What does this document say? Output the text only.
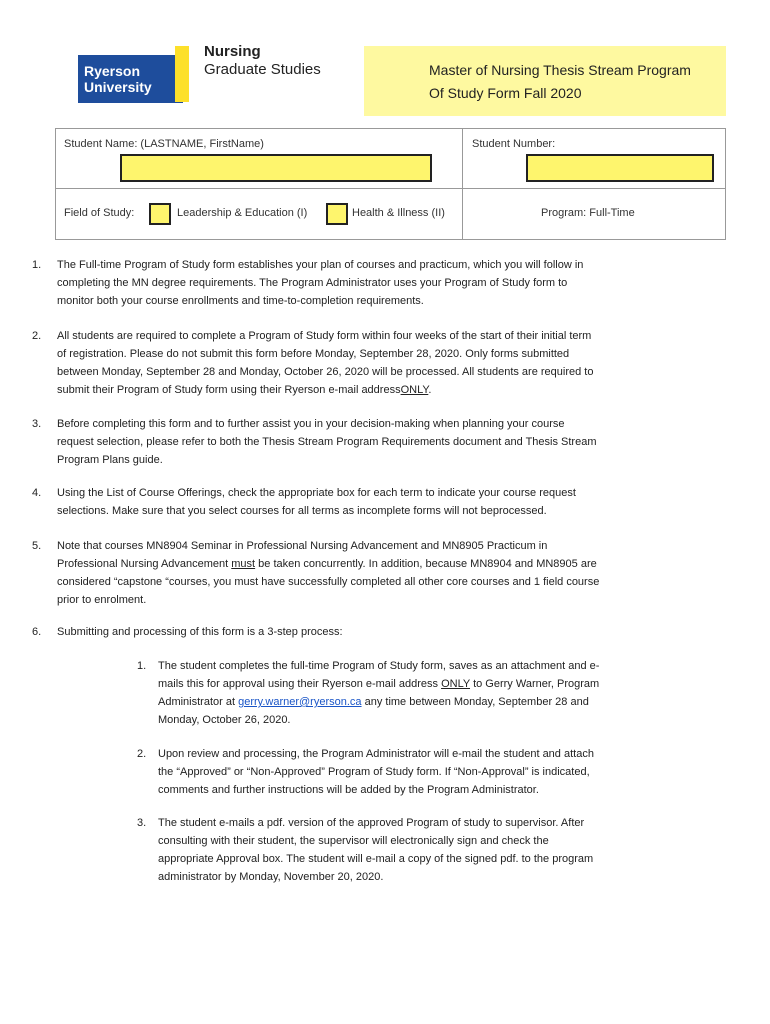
Ryerson
University
Nursing
Graduate Studies	Master of Nursing Thesis Stream Program
Of Study Form Fall 2020
Student Name: (LASTNAME, FirstName)	Student Number:
Field of Study:	Leadership & Education (I)	Health & Illness (II)	Program: Full-Time
1. The Full-time Program of Study form establishes your plan of courses and practicum, which you will follow in
completing the MN degree requirements. The Program Administrator uses your Program of Study form to
monitor both your course enrollments and time-to-completion requirements.
2. All students are required to complete a Program of Study form within four weeks of the start of their initial term
of registration. Please do not submit this form before Monday, September 28, 2020. Only forms submitted
between Monday, September 28 and Monday, October 26, 2020 will be processed. All students are required to
submit their Program of Study form using their Ryerson e-mail addressONLY.
3. Before completing this form and to further assist you in your decision-making when planning your course
request selection, please refer to both the Thesis Stream Program Requirements document and Thesis Stream
Program Plans guide.
4. Using the List of Course Offerings, check the appropriate box for each term to indicate your course request
selections. Make sure that you select courses for all terms as incomplete forms will not beprocessed.
5. Note that courses MN8904 Seminar in Professional Nursing Advancement and MN8905 Practicum in
Professional Nursing Advancement must be taken concurrently. In addition, because MN8904 and MN8905 are
considered “capstone “courses, you must have successfully completed all other core courses and 1 field course
prior to enrolment.
6. Submitting and processing of this form is a 3-step process:
1. The student completes the full-time Program of Study form, saves as an attachment and e-
mails this for approval using their Ryerson e-mail address ONLY to Gerry Warner, Program
Administrator at gerry.warner@ryerson.ca any time between Monday, September 28 and
Monday, October 26, 2020.
2. Upon review and processing, the Program Administrator will e-mail the student and attach
the “Approved” or “Non-Approved” Program of Study form. If “Non-Approval” is indicated,
comments and further instructions will be added by the Program Administrator.
3. The student e-mails a pdf. version of the approved Program of study to supervisor. After
consulting with their student, the supervisor will electronically sign and check the
appropriate Approval box. The student will e-mail a copy of the signed pdf. to the program
administrator by Monday, November 20, 2020.
